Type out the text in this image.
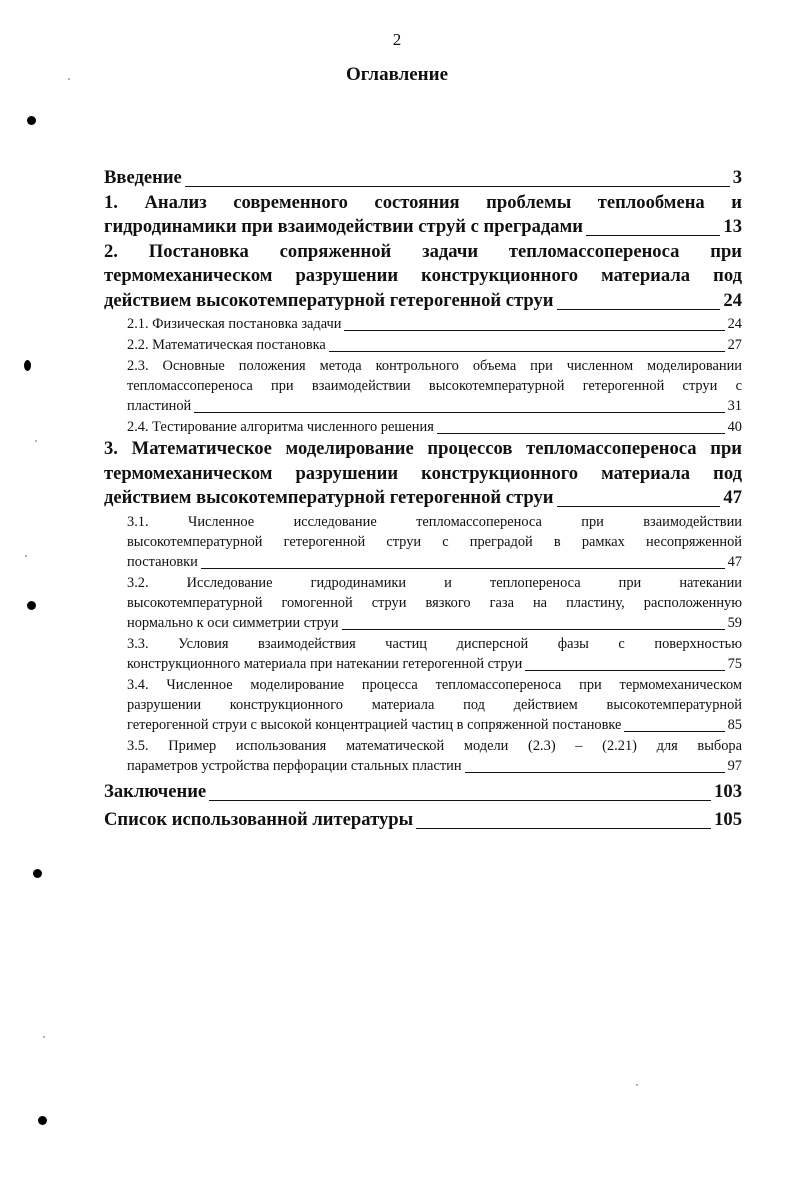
2
Оглавление
Введение	3
1. Анализ современного состояния проблемы теплообмена и
гидродинамики при взаимодействии струй с преградами	13
2. Постановка сопряженной задачи тепломассопереноса при
термомеханическом разрушении конструкционного материала под
действием высокотемпературной гетерогенной струи	24
2.1. Физическая постановка задачи	24
2.2. Математическая постановка	27
2.3. Основные положения метода контрольного объема при численном моделировании
тепломассопереноса при взаимодействии высокотемпературной гетерогенной струи с
пластиной	31
2.4. Тестирование алгоритма численного решения	40
3. Математическое моделирование процессов тепломассопереноса при
термомеханическом разрушении конструкционного материала под
действием высокотемпературной гетерогенной струи	47
3.1. Численное исследование тепломассопереноса при взаимодействии
высокотемпературной гетерогенной струи с преградой в рамках несопряженной
постановки	47
3.2. Исследование гидродинамики и теплопереноса при натекании
высокотемпературной гомогенной струи вязкого газа на пластину, расположенную
нормально к оси симметрии струи	59
3.3. Условия взаимодействия частиц дисперсной фазы с поверхностью
конструкционного материала при натекании гетерогенной струи	75
3.4. Численное моделирование процесса тепломассопереноса при термомеханическом
разрушении конструкционного материала под действием высокотемпературной
гетерогенной струи с высокой концентрацией частиц в сопряженной постановке	85
3.5. Пример использования математической модели (2.3) – (2.21) для выбора
параметров устройства перфорации стальных пластин	97
Заключение	103
Список использованной литературы	105
